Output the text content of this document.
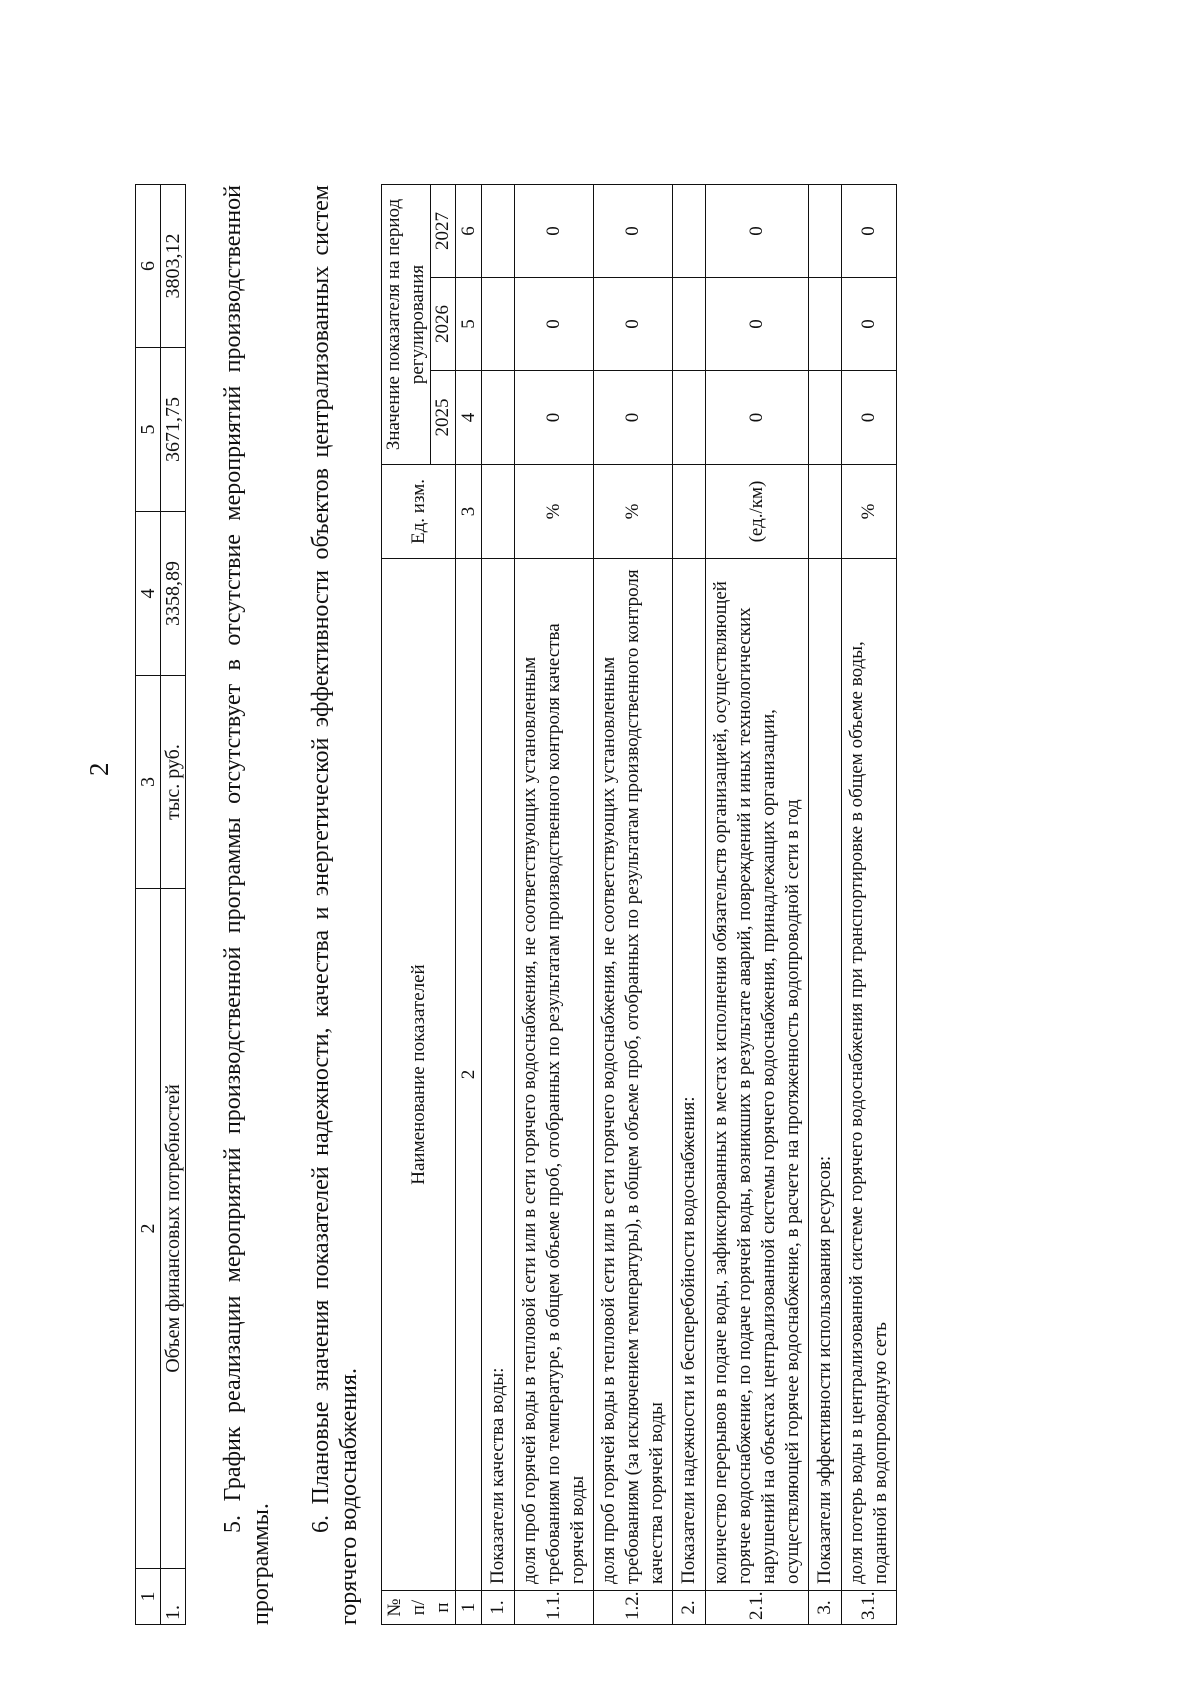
2
1	2	3	4	5	6
1.	Объем финансовых потребностей	тыс. руб.	3358,89	3671,75	3803,12 5. График реализации мероприятий производственной программы отсутствует в отсутствие мероприятий производственной программы.
6. Плановые значения показателей надежности, качества и энергетической эффективности объектов централизованных систем горячего водоснабжения. № п/п	Наименование показателей	Ед. изм.	Значение показателя на период регулирования		
			2025	2026	2027
1	2	3	4	5	6
1.	Показатели качества воды:				
1.1.	доля проб горячей воды в тепловой сети или в сети горячего водоснабжения, не соответствующих установленным требованиям по температуре, в общем объеме проб, отобранных по результатам производственного контроля качества горячей воды	%	0	0	0
1.2.	доля проб горячей воды в тепловой сети или в сети горячего водоснабжения, не соответствующих установленным требованиям (за исключением температуры), в общем объеме проб, отобранных по результатам производственного контроля качества горячей воды	%	0	0	0
2.	Показатели надежности и бесперебойности водоснабжения:				
2.1.	количество перерывов в подаче воды, зафиксированных в местах исполнения обязательств организацией, осуществляющей горячее водоснабжение, по подаче горячей воды, возникших в результате аварий, повреждений и иных технологических нарушений на объектах централизованной системы горячего водоснабжения, принадлежащих организации, осуществляющей горячее водоснабжение, в расчете на протяженность водопроводной сети в год	(ед./км)	0	0	0
3.	Показатели эффективности использования ресурсов:				
3.1.	доля потерь воды в централизованной системе горячего водоснабжения при транспортировке в общем объеме воды, поданной в водопроводную сеть	%	0	0	0
